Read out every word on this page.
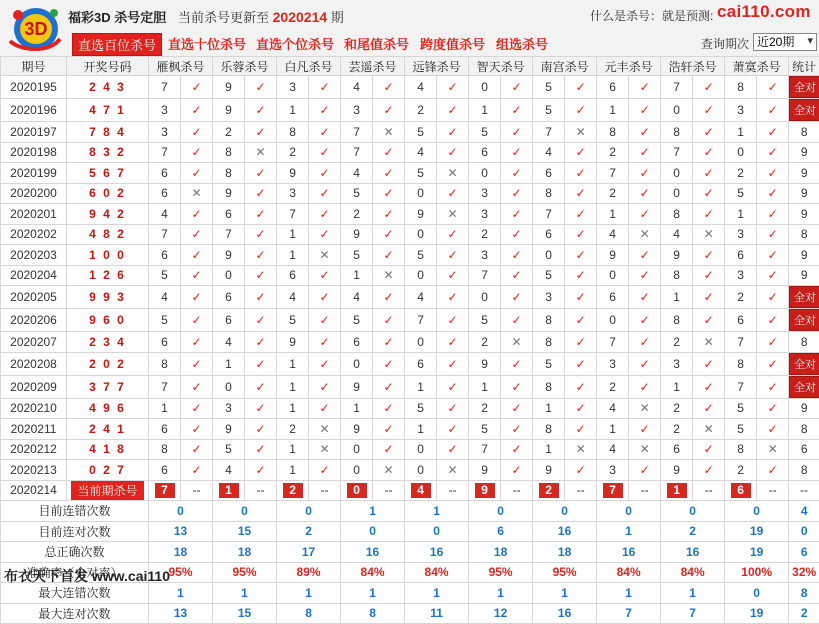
3D
福彩3D 杀号定胆 当前杀号更新至 2020214 期	什么是杀号：就是预测: cai110.com
直选百位杀号 直选十位杀号 直选个位杀号 和尾值杀号 跨度值杀号 组选杀号	查询期次 近20期 ▾
期号	开奖号码	雁枫杀号		乐蓉杀号		白凡杀号		芸遥杀号		远锋杀号		智天杀号		南宫杀号		元丰杀号		浩轩杀号		萧寞杀号		统计
2020195	2 4 3	7	✓	9	✓	3	✓	4	✓	4	✓	0	✓	5	✓	6	✓	7	✓	8	✓	全对
2020196	4 7 1	3	✓	9	✓	1	✓	3	✓	2	✓	1	✓	5	✓	1	✓	0	✓	3	✓	全对
2020197	7 8 4	3	✓	2	✓	8	✓	7	✕	5	✓	5	✓	7	✕	8	✓	8	✓	1	✓	8
2020198	8 3 2	7	✓	8	✕	2	✓	7	✓	4	✓	6	✓	4	✓	2	✓	7	✓	0	✓	9
2020199	5 6 7	6	✓	8	✓	9	✓	4	✓	5	✕	0	✓	6	✓	7	✓	0	✓	2	✓	9
2020200	6 0 2	6	✕	9	✓	3	✓	5	✓	0	✓	3	✓	8	✓	2	✓	0	✓	5	✓	9
2020201	9 4 2	4	✓	6	✓	7	✓	2	✓	9	✕	3	✓	7	✓	1	✓	8	✓	1	✓	9
2020202	4 8 2	7	✓	7	✓	1	✓	9	✓	0	✓	2	✓	6	✓	4	✕	4	✕	3	✓	8
2020203	1 0 0	6	✓	9	✓	1	✕	5	✓	5	✓	3	✓	0	✓	9	✓	9	✓	6	✓	9
2020204	1 2 6	5	✓	0	✓	6	✓	1	✕	0	✓	7	✓	5	✓	0	✓	8	✓	3	✓	9
2020205	9 9 3	4	✓	6	✓	4	✓	4	✓	4	✓	0	✓	3	✓	6	✓	1	✓	2	✓	全对
2020206	9 6 0	5	✓	6	✓	5	✓	5	✓	7	✓	5	✓	8	✓	0	✓	8	✓	6	✓	全对
2020207	2 3 4	6	✓	4	✓	9	✓	6	✓	0	✓	2	✕	8	✓	7	✓	2	✕	7	✓	8
2020208	2 0 2	8	✓	1	✓	1	✓	0	✓	6	✓	9	✓	5	✓	3	✓	3	✓	8	✓	全对
2020209	3 7 7	7	✓	0	✓	1	✓	9	✓	1	✓	1	✓	8	✓	2	✓	1	✓	7	✓	全对
2020210	4 9 6	1	✓	3	✓	1	✓	1	✓	5	✓	2	✓	1	✓	4	✕	2	✓	5	✓	9
2020211	2 4 1	6	✓	9	✓	2	✕	9	✓	1	✓	5	✓	8	✓	1	✓	2	✕	5	✓	8
2020212	4 1 8	8	✓	5	✓	1	✕	0	✓	0	✓	7	✓	1	✕	4	✕	6	✓	8	✕	6
2020213	0 2 7	6	✓	4	✓	1	✓	0	✕	0	✕	9	✓	9	✓	3	✓	9	✓	2	✓	8
2020214	当前期杀号	7	--	1	--	2	--	0	--	4	--	9	--	2	--	7	--	1	--	6	--	--
目前连错次数		0		0		0		1		1		0		0		0		0		0		4
目前连对次数		13		15		2		0		0		6		16		1		2		19		0
总正确次数		18		18		17		16		16		18		18		16		16		19		6
准确率（全对率）		95%		95%		89%		84%		84%		95%		95%		84%		84%		100%		32%
最大连错次数		1		1		1		1		1		1		1		1		1		0		8
最大连对次数		13		15		8		8		11		12		16		7		7		19		2
布衣天下首发 www.cai110
